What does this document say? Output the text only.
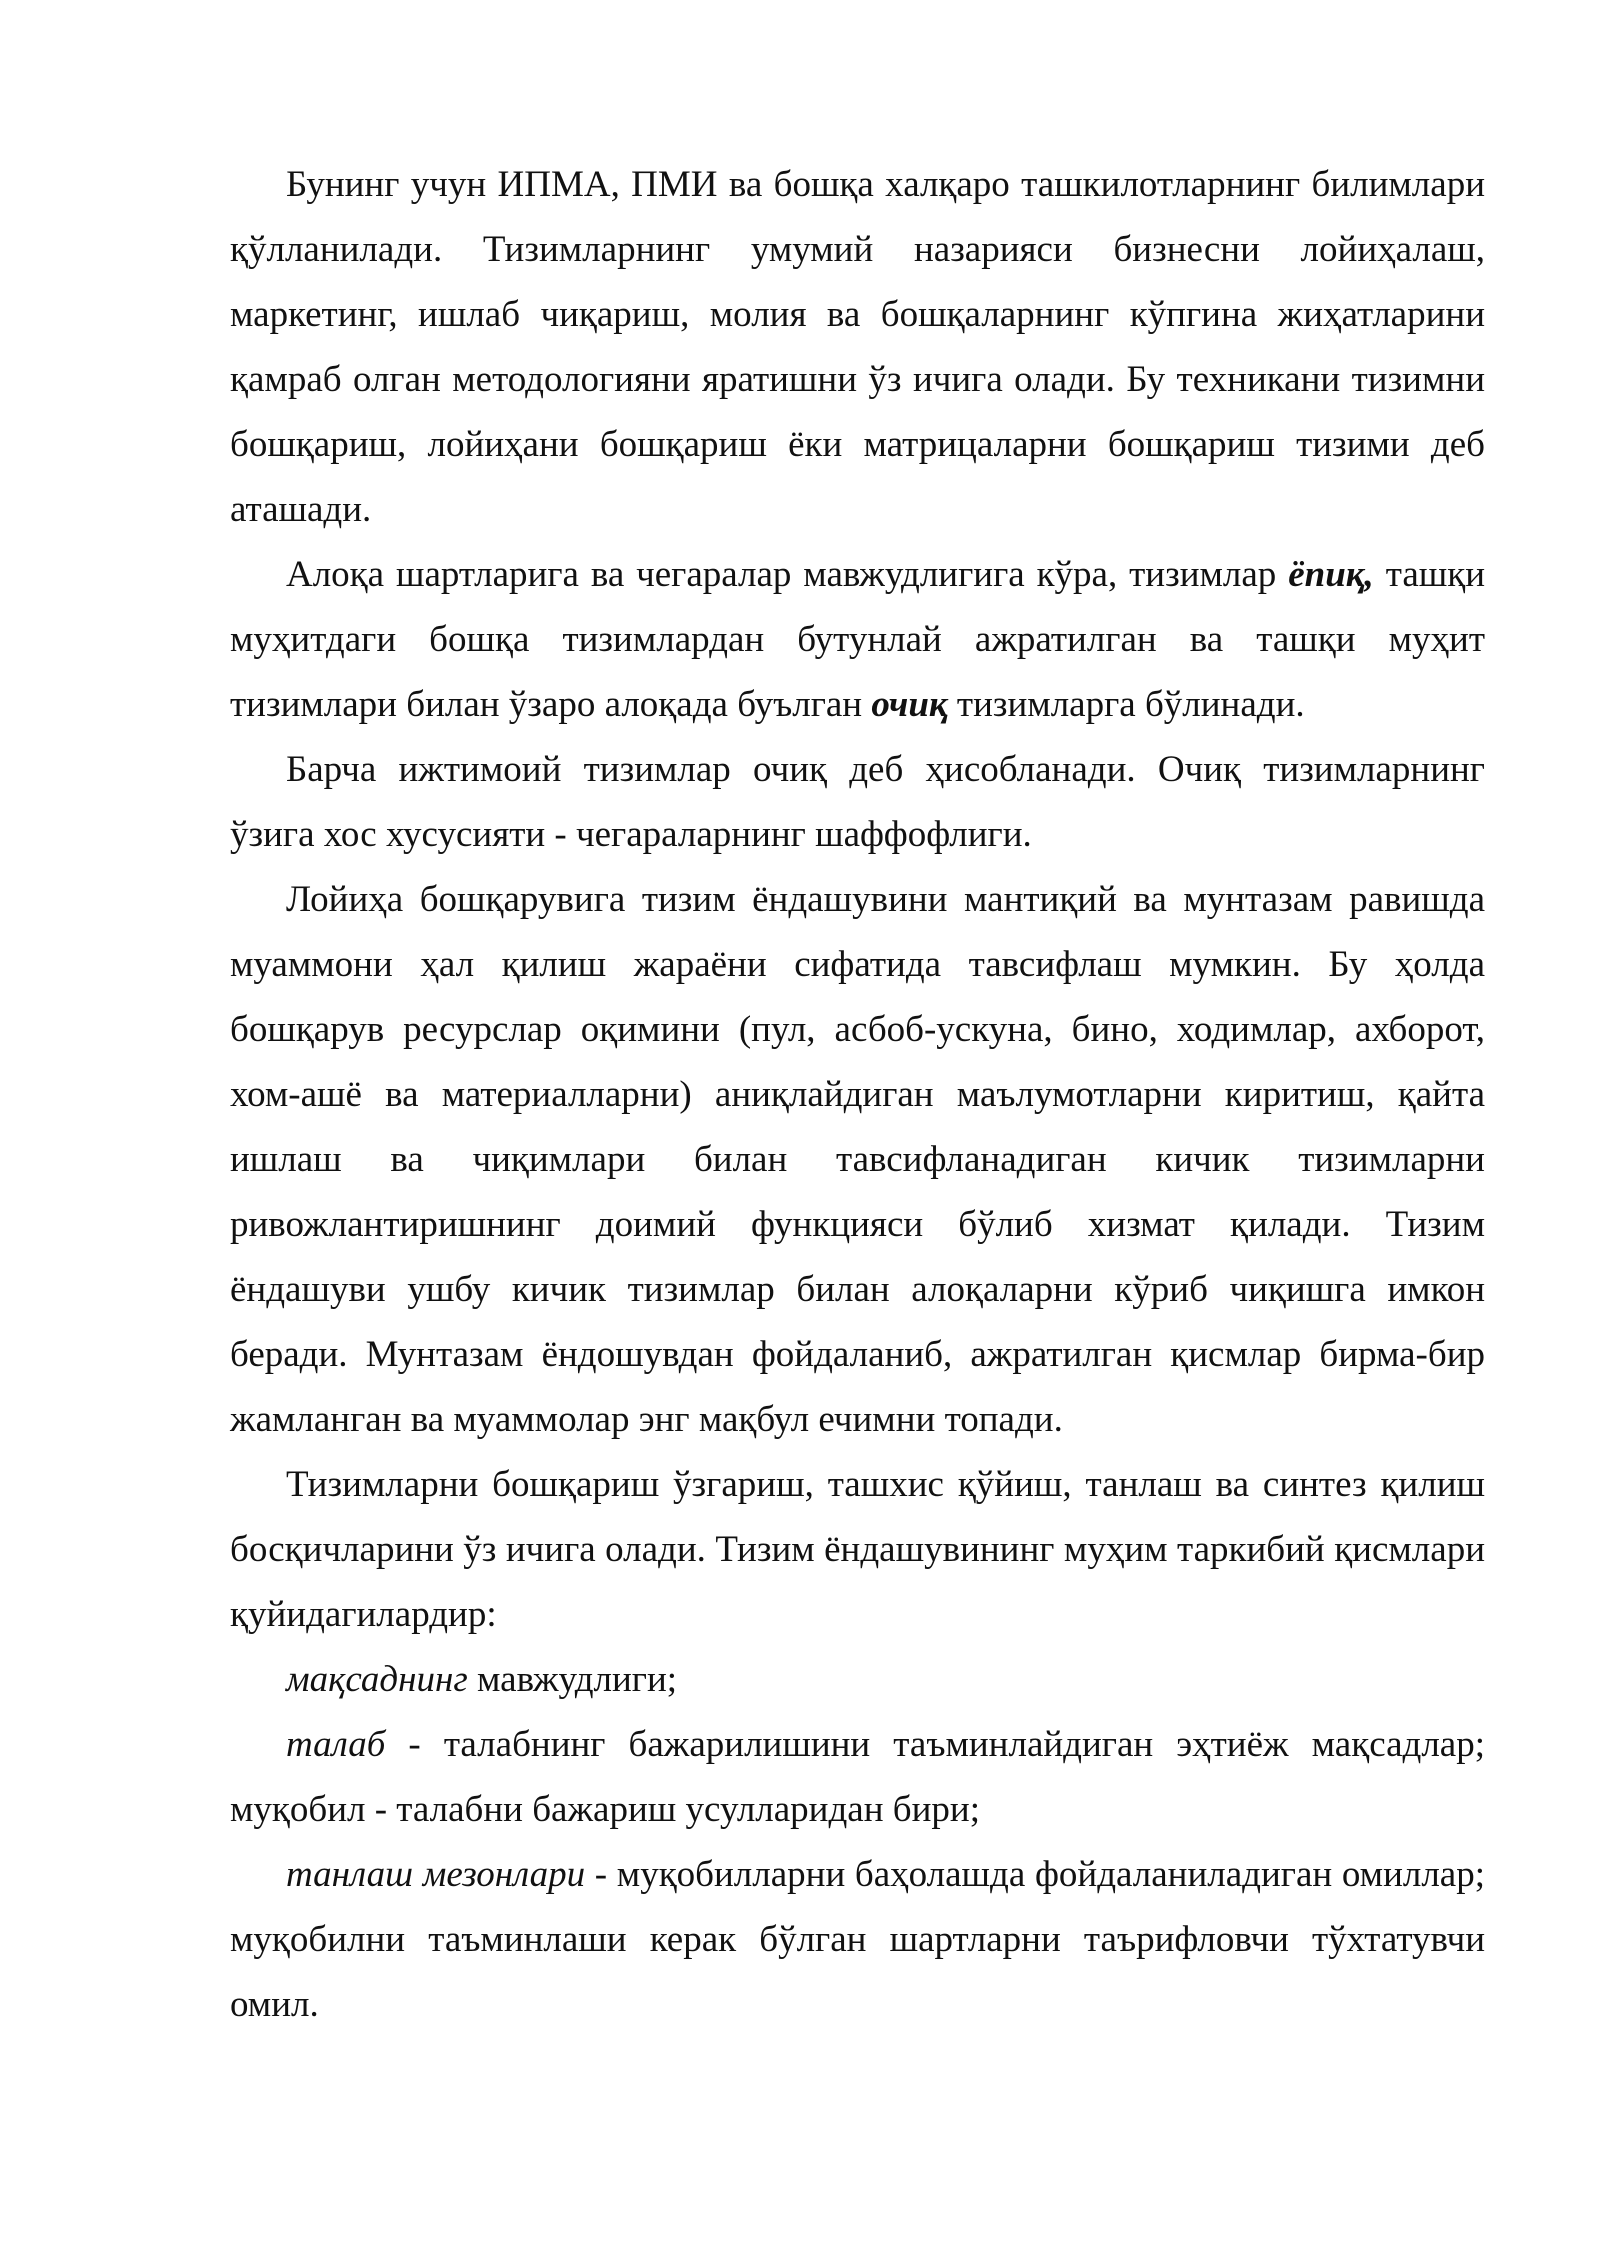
Бунинг учун ИПМА, ПМИ ва бошқа халқаро ташкилотларнинг билимлари қўлланилади. Тизимларнинг умумий назарияси бизнесни лойиҳалаш, маркетинг, ишлаб чиқариш, молия ва бошқаларнинг кўпгина жиҳатларини қамраб олган методологияни яратишни ўз ичига олади. Бу техникани тизимни бошқариш, лойиҳани бошқариш ёки матрицаларни бошқариш тизими деб аташади.

Алоқа шартларига ва чегаралар мавжудлигига кўра, тизимлар ёпиқ, ташқи муҳитдаги бошқа тизимлардан бутунлай ажратилган ва ташқи муҳит тизимлари билан ўзаро алоқада буълган очиқ тизимларга бўлинади.

Барча ижтимоий тизимлар очиқ деб ҳисобланади. Очиқ тизимларнинг ўзига хос хусусияти - чегараларнинг шаффофлиги.

Лойиҳа бошқарувига тизим ёндашувини мантиқий ва мунтазам равишда муаммони ҳал қилиш жараёни сифатида тавсифлаш мумкин. Бу ҳолда бошқарув ресурслар оқимини (пул, асбоб-ускуна, бино, ходимлар, ахборот, хом-ашё ва материалларни) аниқлайдиган маълумотларни киритиш, қайта ишлаш ва чиқимлари билан тавсифланадиган кичик тизимларни ривожлантиришнинг доимий функцияси бўлиб хизмат қилади. Тизим ёндашуви ушбу кичик тизимлар билан алоқаларни кўриб чиқишга имкон беради. Мунтазам ёндошувдан фойдаланиб, ажратилган қисмлар бирма-бир жамланган ва муаммолар энг мақбул ечимни топади.

Тизимларни бошқариш ўзгариш, ташхис қўйиш, танлаш ва синтез қилиш босқичларини ўз ичига олади. Тизим ёндашувининг муҳим таркибий қисмлари қуйидагилардир:

мақсаднинг мавжудлиги;

талаб - талабнинг бажарилишини таъминлайдиган эҳтиёж мақсадлар; муқобил - талабни бажариш усулларидан бири;

танлаш мезонлари - муқобилларни баҳолашда фойдаланиладиган омиллар; муқобилни таъминлаши керак бўлган шартларни таърифловчи тўхтатувчи омил.
